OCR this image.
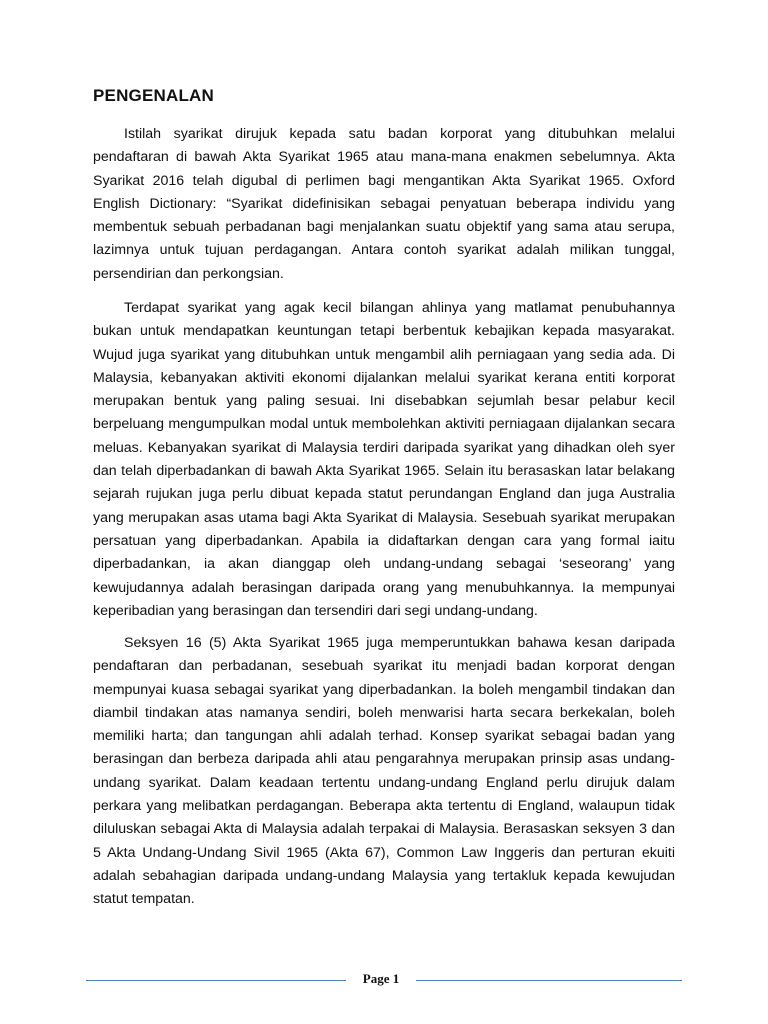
PENGENALAN

Istilah syarikat dirujuk kepada satu badan korporat yang ditubuhkan melalui pendaftaran di bawah Akta Syarikat 1965 atau mana-mana enakmen sebelumnya. Akta Syarikat 2016 telah digubal di perlimen bagi mengantikan Akta Syarikat 1965. Oxford English Dictionary: “Syarikat didefinisikan sebagai penyatuan beberapa individu yang membentuk sebuah perbadanan bagi menjalankan suatu objektif yang sama atau serupa, lazimnya untuk tujuan perdagangan. Antara contoh syarikat adalah milikan tunggal, persendirian dan perkongsian.

Terdapat syarikat yang agak kecil bilangan ahlinya yang matlamat penubuhannya bukan untuk mendapatkan keuntungan tetapi berbentuk kebajikan kepada masyarakat. Wujud juga syarikat yang ditubuhkan untuk mengambil alih perniagaan yang sedia ada. Di Malaysia, kebanyakan aktiviti ekonomi dijalankan melalui syarikat kerana entiti korporat merupakan bentuk yang paling sesuai. Ini disebabkan sejumlah besar pelabur kecil berpeluang mengumpulkan modal untuk membolehkan aktiviti perniagaan dijalankan secara meluas. Kebanyakan syarikat di Malaysia terdiri daripada syarikat yang dihadkan oleh syer dan telah diperbadankan di bawah Akta Syarikat 1965. Selain itu berasaskan latar belakang sejarah rujukan juga perlu dibuat kepada statut perundangan England dan juga Australia yang merupakan asas utama bagi Akta Syarikat di Malaysia. Sesebuah syarikat merupakan persatuan yang diperbadankan. Apabila ia didaftarkan dengan cara yang formal iaitu diperbadankan, ia akan dianggap oleh undang-undang sebagai ‘seseorang’ yang kewujudannya adalah berasingan daripada orang yang menubuhkannya. Ia mempunyai keperibadian yang berasingan dan tersendiri dari segi undang-undang.

Seksyen 16 (5) Akta Syarikat 1965 juga memperuntukkan bahawa kesan daripada pendaftaran dan perbadanan, sesebuah syarikat itu menjadi badan korporat dengan mempunyai kuasa sebagai syarikat yang diperbadankan. Ia boleh mengambil tindakan dan diambil tindakan atas namanya sendiri, boleh menwarisi harta secara berkekalan, boleh memiliki harta; dan tangungan ahli adalah terhad. Konsep syarikat sebagai badan yang berasingan dan berbeza daripada ahli atau pengarahnya merupakan prinsip asas undang-undang syarikat. Dalam keadaan tertentu undang-undang England perlu dirujuk dalam perkara yang melibatkan perdagangan. Beberapa akta tertentu di England, walaupun tidak diluluskan sebagai Akta di Malaysia adalah terpakai di Malaysia. Berasaskan seksyen 3 dan 5 Akta Undang-Undang Sivil 1965 (Akta 67), Common Law Inggeris dan perturan ekuiti adalah sebahagian daripada undang-undang Malaysia yang tertakluk kepada kewujudan statut tempatan.

Page 1
